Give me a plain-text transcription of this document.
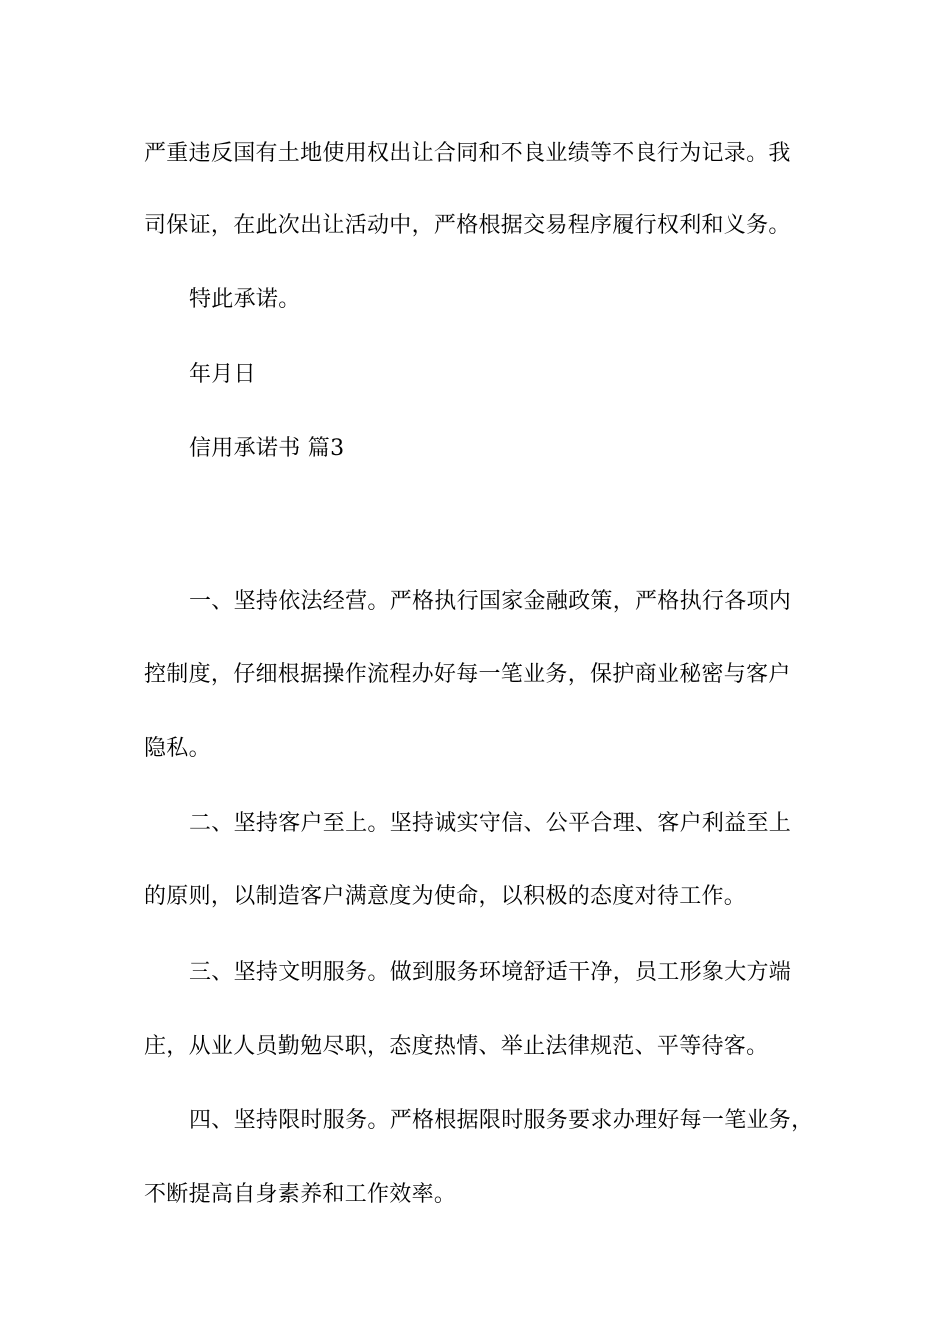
严重违反国有土地使用权出让合同和不良业绩等不良行为记录。我
司保证，在此次出让活动中，严格根据交易程序履行权利和义务。
特此承诺。
年月日
信用承诺书 篇3
一、坚持依法经营。严格执行国家金融政策，严格执行各项内
控制度，仔细根据操作流程办好每一笔业务，保护商业秘密与客户
隐私。
二、坚持客户至上。坚持诚实守信、公平合理、客户利益至上
的原则，以制造客户满意度为使命，以积极的态度对待工作。
三、坚持文明服务。做到服务环境舒适干净，员工形象大方端
庄，从业人员勤勉尽职，态度热情、举止法律规范、平等待客。
四、坚持限时服务。严格根据限时服务要求办理好每一笔业务，
不断提高自身素养和工作效率。
